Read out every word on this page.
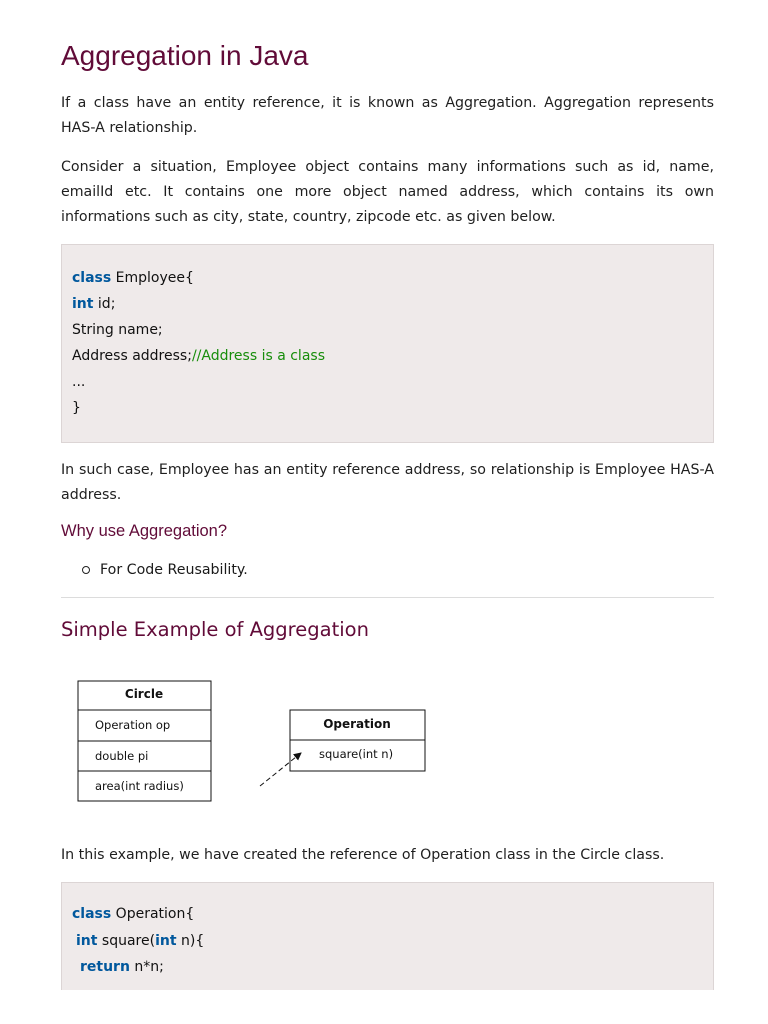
Aggregation in Java

If a class have an entity reference, it is known as Aggregation. Aggregation represents HAS-A relationship.

Consider a situation, Employee object contains many informations such as id, name, emailId etc. It contains one more object named address, which contains its own informations such as city, state, country, zipcode etc. as given below.

class Employee{
int id;
String name;
Address address;//Address is a class
...
}

In such case, Employee has an entity reference address, so relationship is Employee HAS-A address.

Why use Aggregation?
For Code Reusability.
Simple Example of Aggregation
Circle
Operation op
double pi
area(int radius)
Operation
square(int n)

In this example, we have created the reference of Operation class in the Circle class.

class Operation{
int square(int n){
return n*n;
